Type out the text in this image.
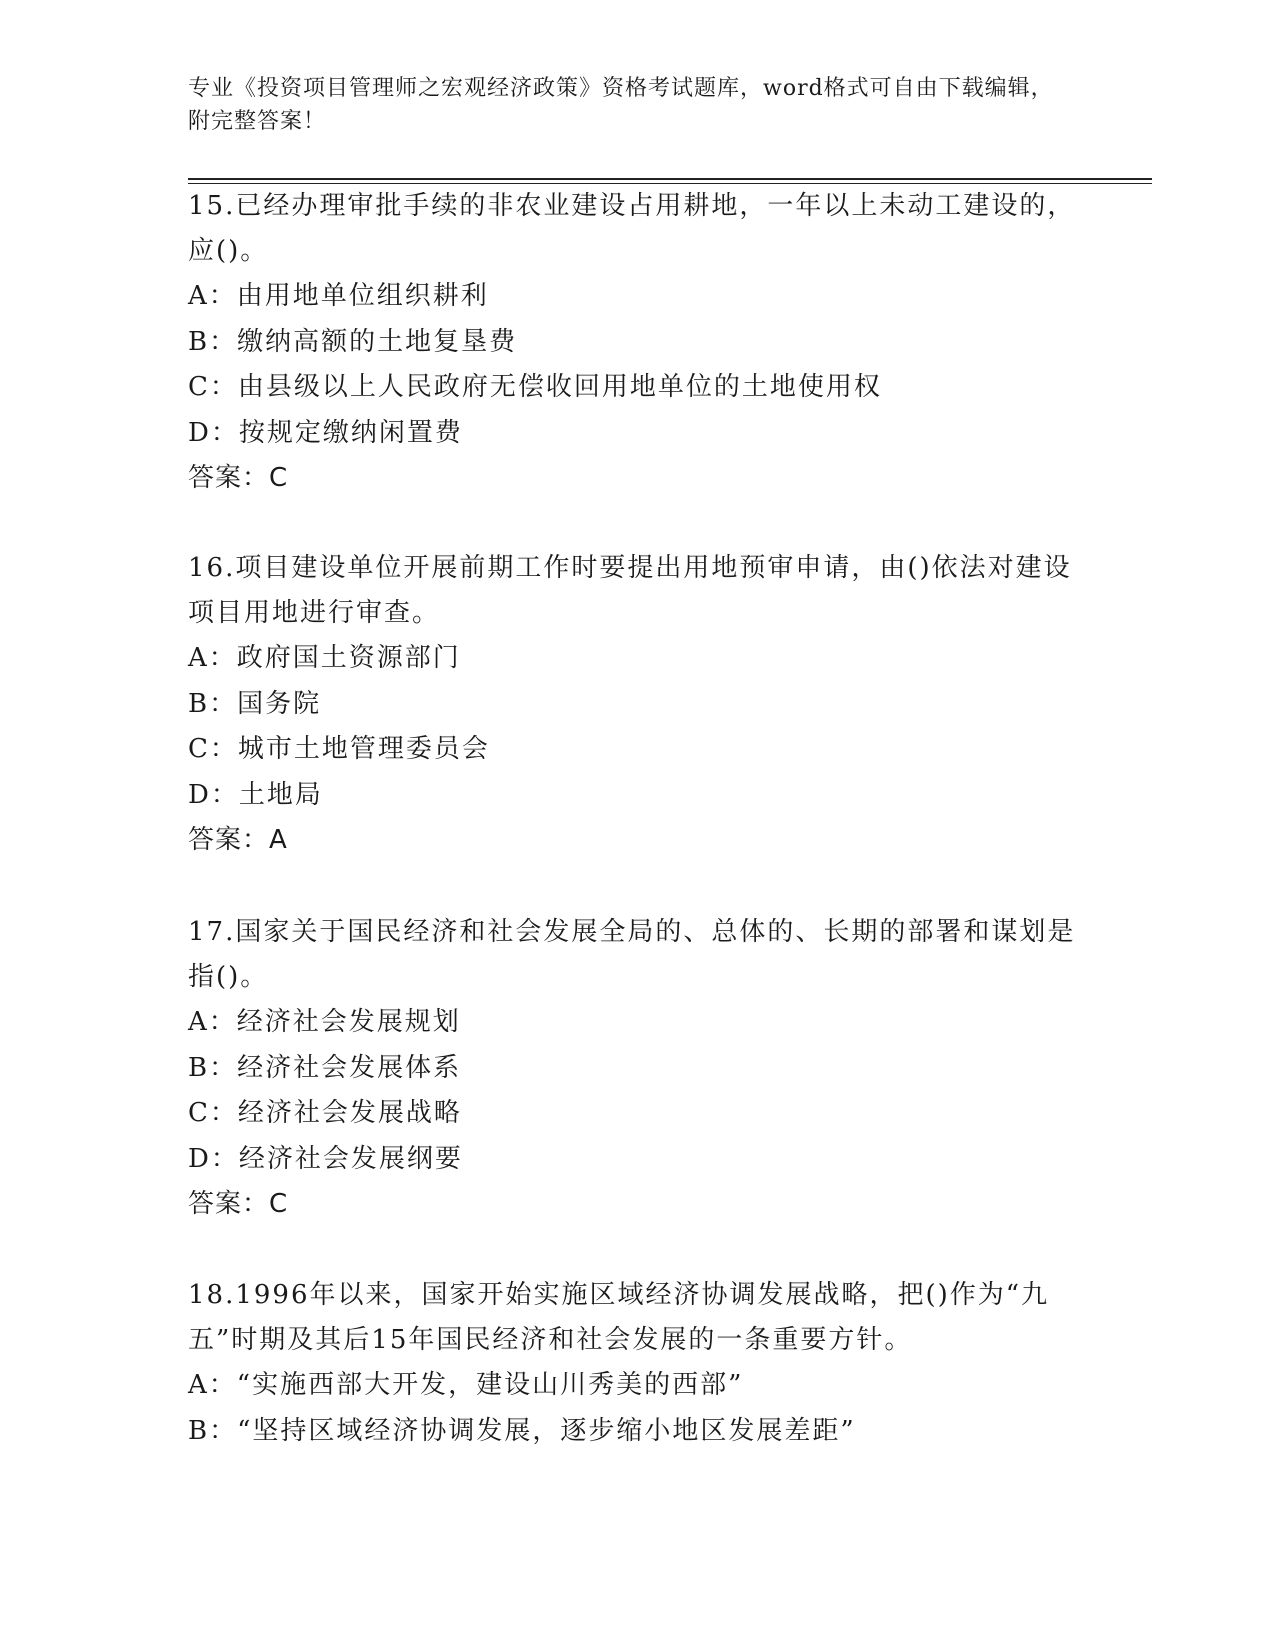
专业《投资项目管理师之宏观经济政策》资格考试题库，word格式可自由下载编辑，附完整答案！

15.已经办理审批手续的非农业建设占用耕地，一年以上未动工建设的，应()。

A：由用地单位组织耕利

B：缴纳高额的土地复垦费

C：由县级以上人民政府无偿收回用地单位的土地使用权

D：按规定缴纳闲置费

答案：C

16.项目建设单位开展前期工作时要提出用地预审申请，由()依法对建设项目用地进行审查。

A：政府国土资源部门

B：国务院

C：城市土地管理委员会

D：土地局

答案：A

17.国家关于国民经济和社会发展全局的、总体的、长期的部署和谋划是指()。

A：经济社会发展规划

B：经济社会发展体系

C：经济社会发展战略

D：经济社会发展纲要

答案：C

18.1996年以来，国家开始实施区域经济协调发展战略，把()作为“九五”时期及其后15年国民经济和社会发展的一条重要方针。

A：“实施西部大开发，建设山川秀美的西部”

B：“坚持区域经济协调发展，逐步缩小地区发展差距”
